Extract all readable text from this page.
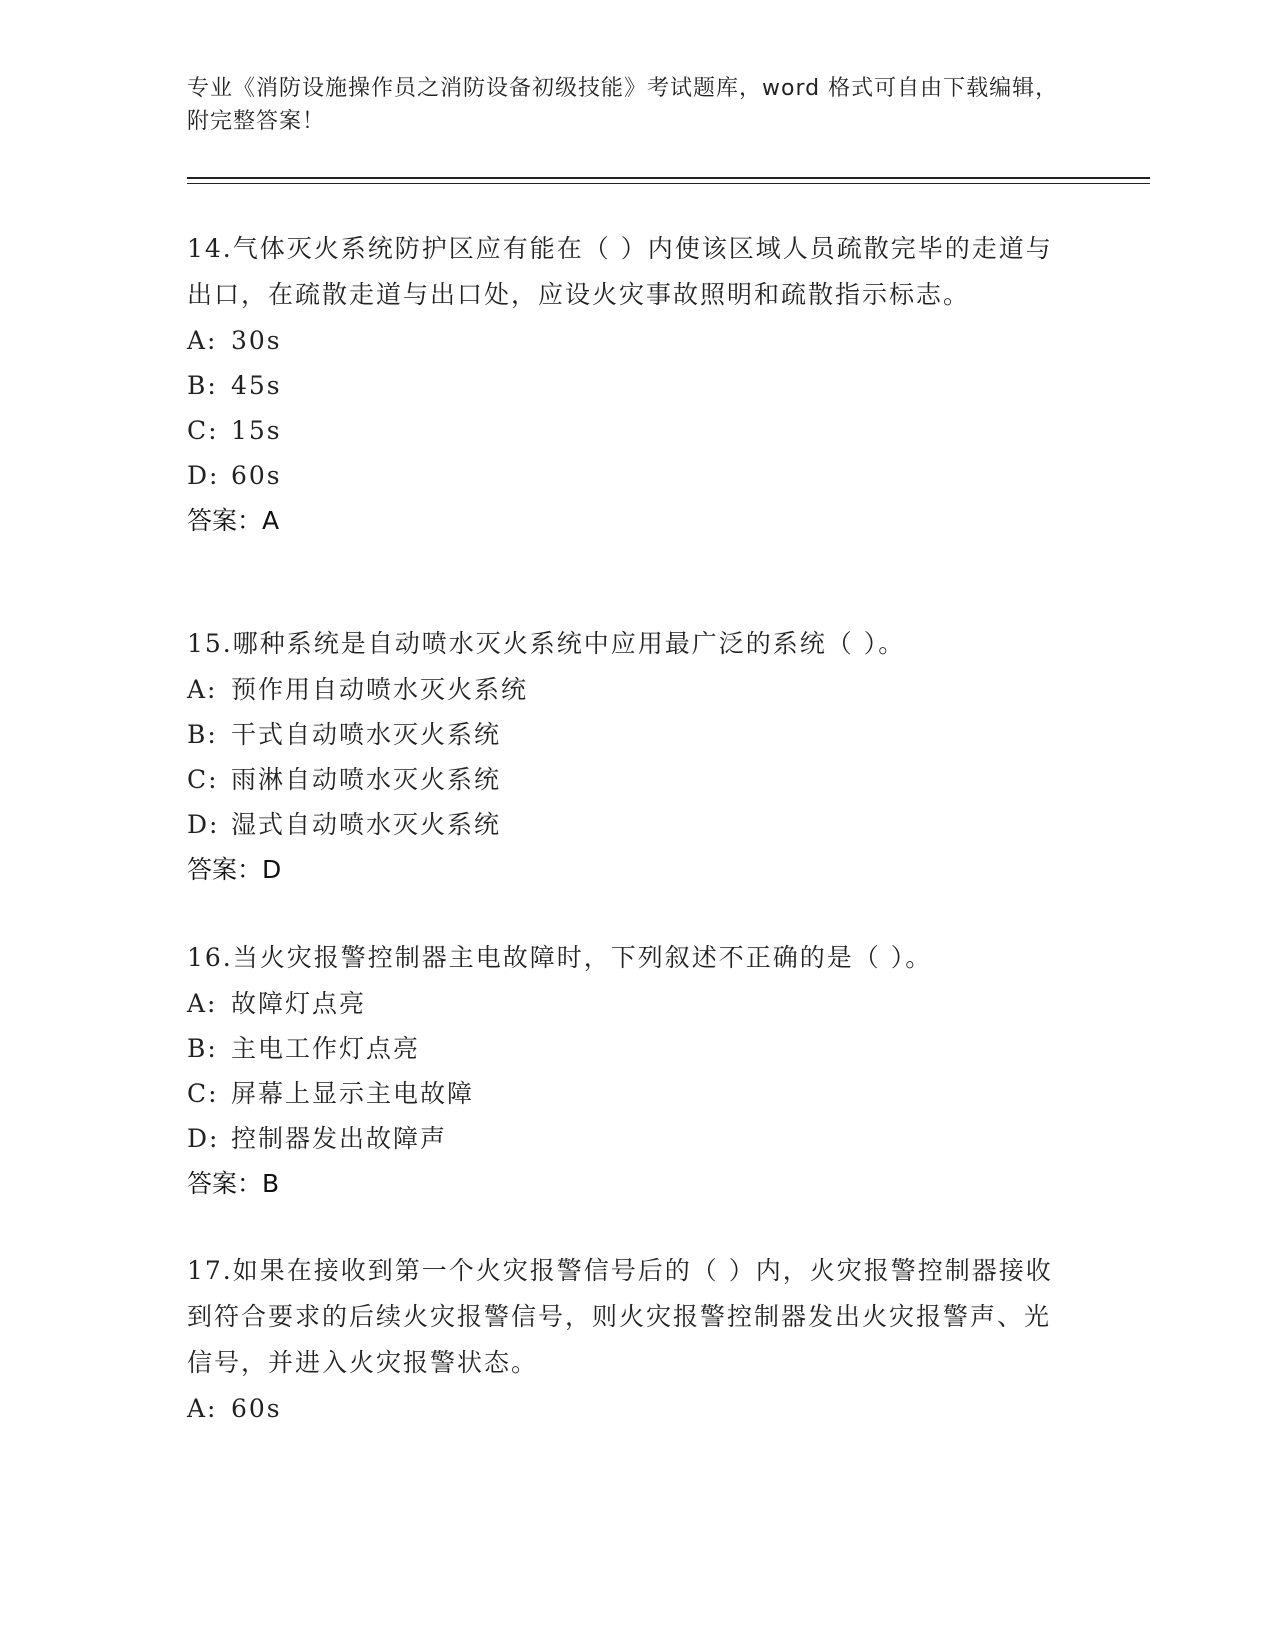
专业《消防设施操作员之消防设备初级技能》考试题库，word 格式可自由下载编辑，附完整答案！
14.气体灭火系统防护区应有能在（ ）内使该区域人员疏散完毕的走道与出口，在疏散走道与出口处，应设火灾事故照明和疏散指示标志。
A: 30s
B: 45s
C: 15s
D: 60s
答案：A
15.哪种系统是自动喷水灭火系统中应用最广泛的系统（ ）。
A: 预作用自动喷水灭火系统
B: 干式自动喷水灭火系统
C: 雨淋自动喷水灭火系统
D: 湿式自动喷水灭火系统
答案：D
16.当火灾报警控制器主电故障时，下列叙述不正确的是（ ）。
A: 故障灯点亮
B: 主电工作灯点亮
C: 屏幕上显示主电故障
D: 控制器发出故障声
答案：B
17.如果在接收到第一个火灾报警信号后的（ ）内，火灾报警控制器接收到符合要求的后续火灾报警信号，则火灾报警控制器发出火灾报警声、光信号，并进入火灾报警状态。
A: 60s
